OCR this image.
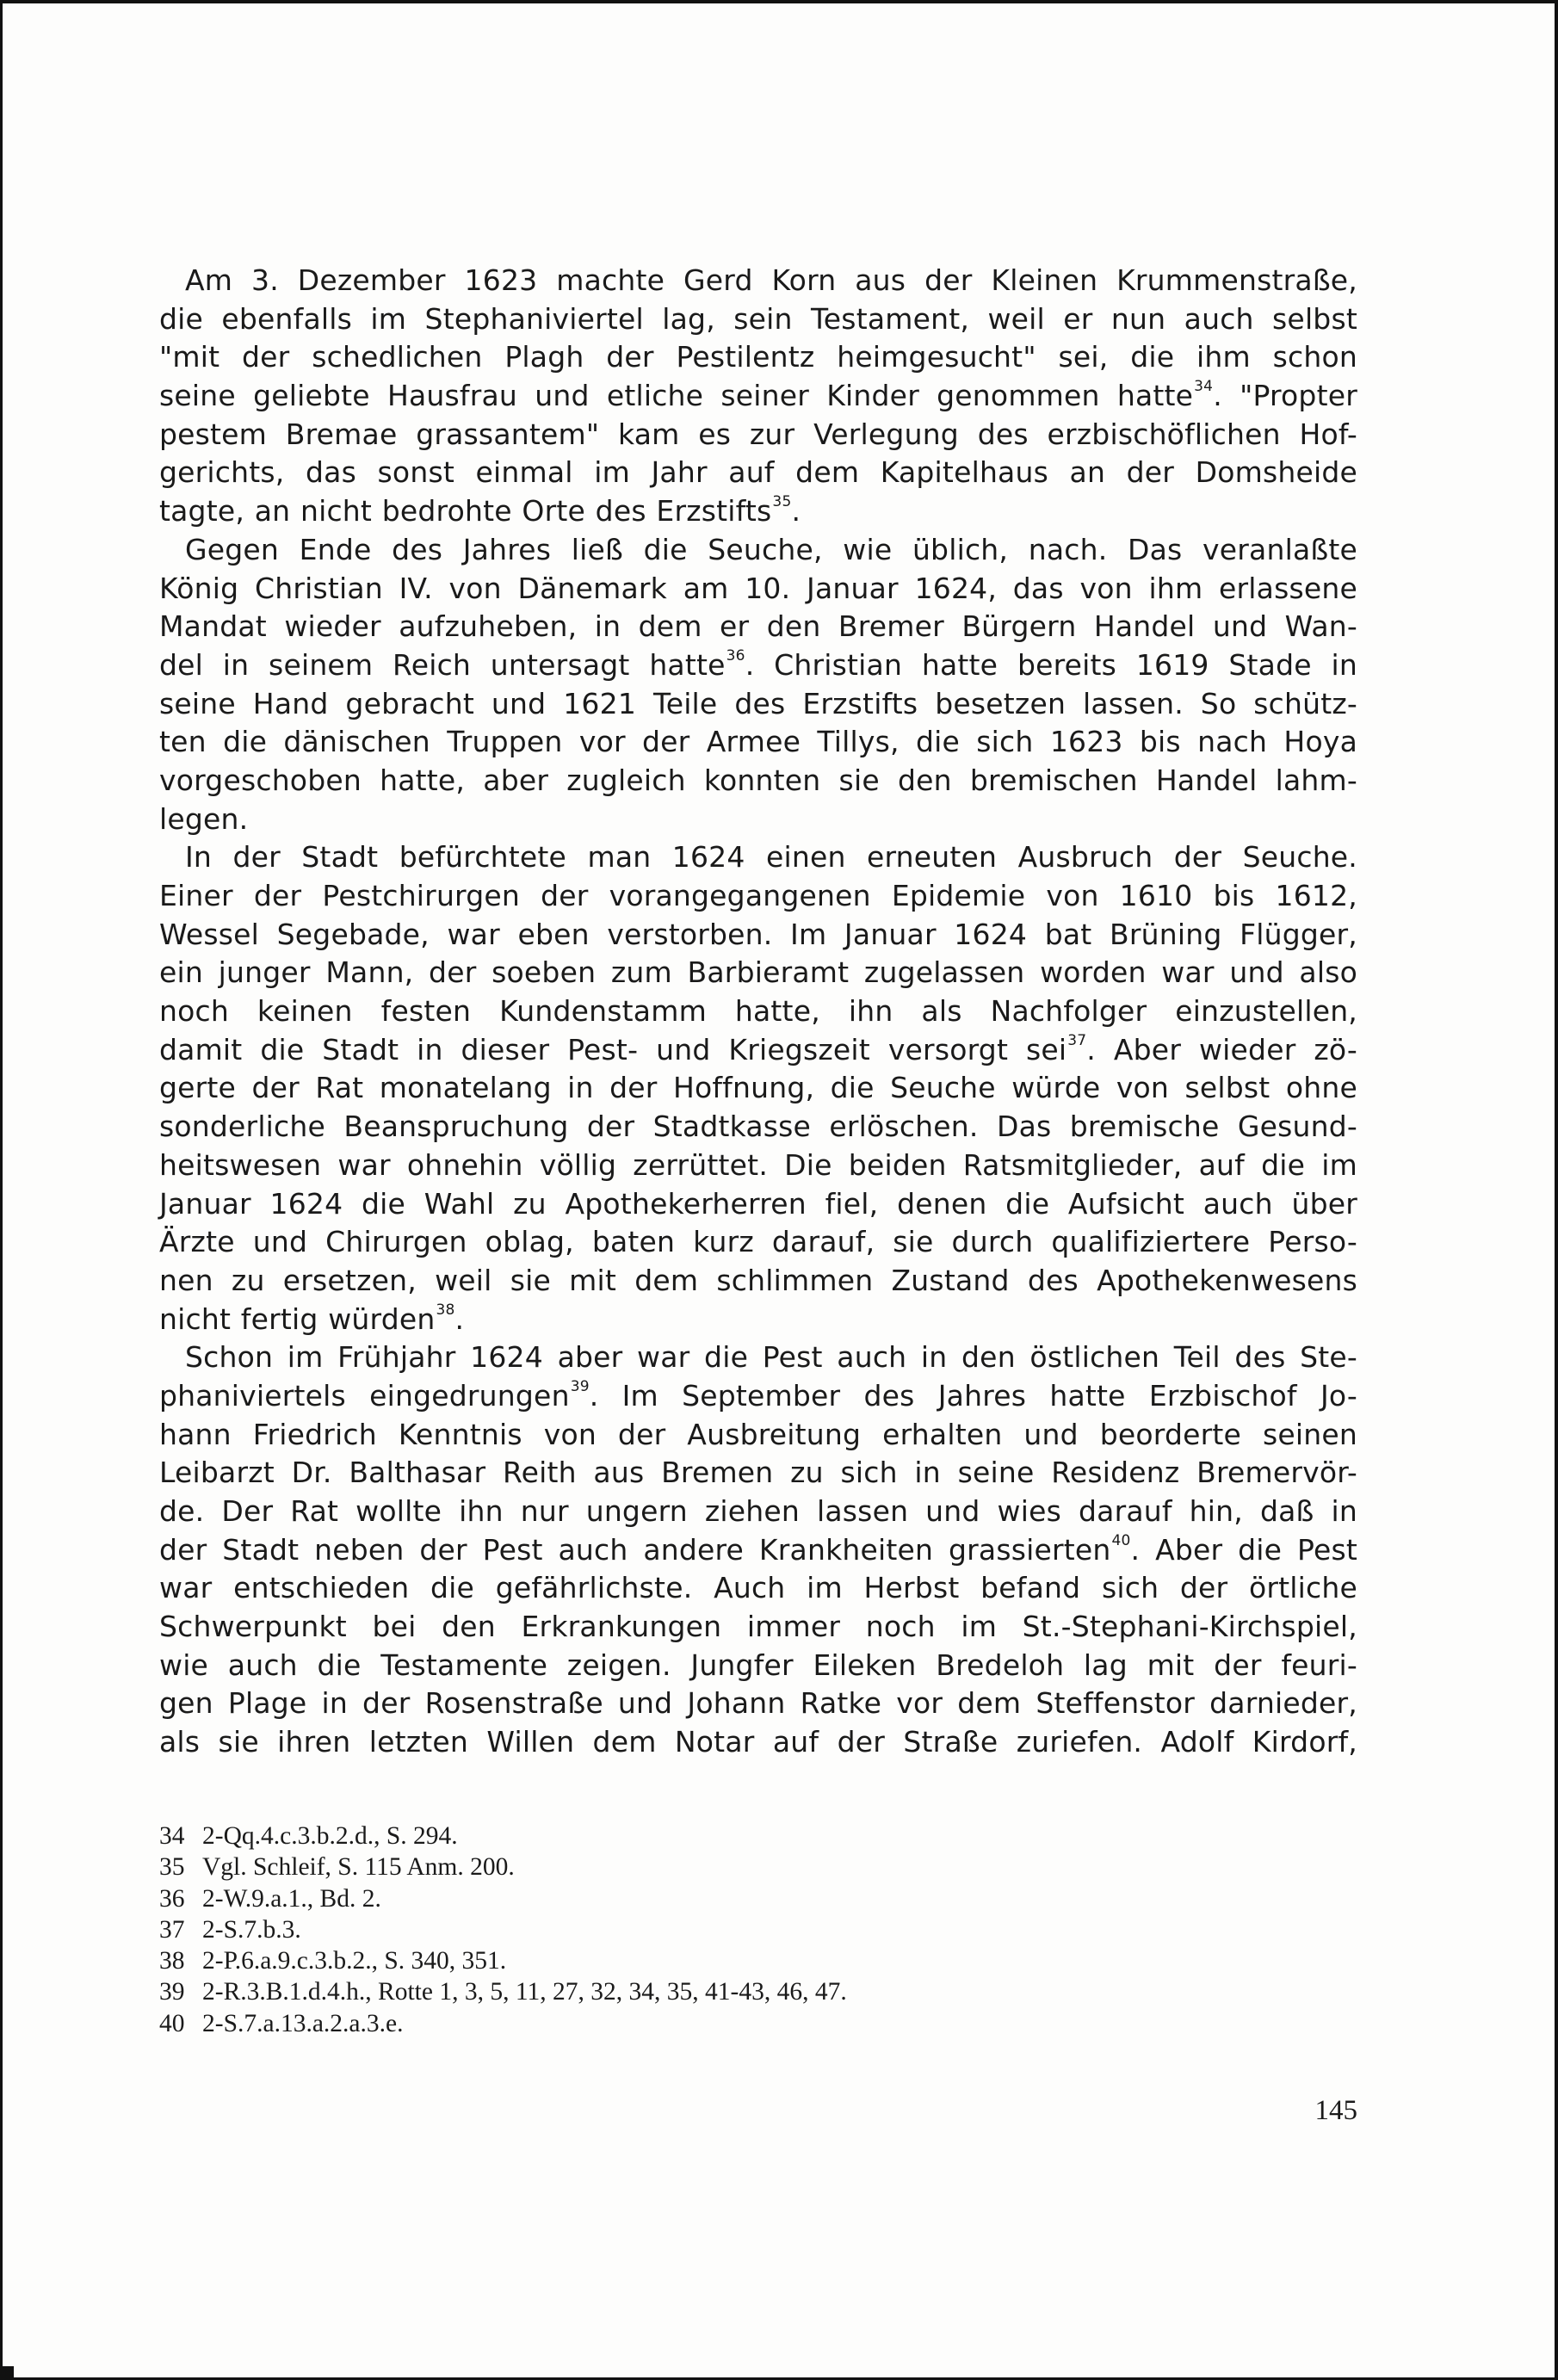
Am 3. Dezember 1623 machte Gerd Korn aus der Kleinen Krummenstraße,
die ebenfalls im Stephaniviertel lag, sein Testament, weil er nun auch selbst
"mit der schedlichen Plagh der Pestilentz heimgesucht" sei, die ihm schon
seine geliebte Hausfrau und etliche seiner Kinder genommen hatte$^{34}$. "Propter
pestem Bremae grassantem" kam es zur Verlegung des erzbischöflichen Hof-
gerichts, das sonst einmal im Jahr auf dem Kapitelhaus an der Domsheide
tagte, an nicht bedrohte Orte des Erzstifts$^{35}$.
Gegen Ende des Jahres ließ die Seuche, wie üblich, nach. Das veranlaßte
König Christian IV. von Dänemark am 10. Januar 1624, das von ihm erlassene
Mandat wieder aufzuheben, in dem er den Bremer Bürgern Handel und Wan-
del in seinem Reich untersagt hatte$^{36}$. Christian hatte bereits 1619 Stade in
seine Hand gebracht und 1621 Teile des Erzstifts besetzen lassen. So schütz-
ten die dänischen Truppen vor der Armee Tillys, die sich 1623 bis nach Hoya
vorgeschoben hatte, aber zugleich konnten sie den bremischen Handel lahm-
legen.
In der Stadt befürchtete man 1624 einen erneuten Ausbruch der Seuche.
Einer der Pestchirurgen der vorangegangenen Epidemie von 1610 bis 1612,
Wessel Segebade, war eben verstorben. Im Januar 1624 bat Brüning Flügger,
ein junger Mann, der soeben zum Barbieramt zugelassen worden war und also
noch keinen festen Kundenstamm hatte, ihn als Nachfolger einzustellen,
damit die Stadt in dieser Pest- und Kriegszeit versorgt sei$^{37}$. Aber wieder zö-
gerte der Rat monatelang in der Hoffnung, die Seuche würde von selbst ohne
sonderliche Beanspruchung der Stadtkasse erlöschen. Das bremische Gesund-
heitswesen war ohnehin völlig zerrüttet. Die beiden Ratsmitglieder, auf die im
Januar 1624 die Wahl zu Apothekerherren fiel, denen die Aufsicht auch über
Ärzte und Chirurgen oblag, baten kurz darauf, sie durch qualifiziertere Perso-
nen zu ersetzen, weil sie mit dem schlimmen Zustand des Apothekenwesens
nicht fertig würden$^{38}$.
Schon im Frühjahr 1624 aber war die Pest auch in den östlichen Teil des Ste-
phaniviertels eingedrungen$^{39}$. Im September des Jahres hatte Erzbischof Jo-
hann Friedrich Kenntnis von der Ausbreitung erhalten und beorderte seinen
Leibarzt Dr. Balthasar Reith aus Bremen zu sich in seine Residenz Bremervör-
de. Der Rat wollte ihn nur ungern ziehen lassen und wies darauf hin, daß in
der Stadt neben der Pest auch andere Krankheiten grassierten$^{40}$. Aber die Pest
war entschieden die gefährlichste. Auch im Herbst befand sich der örtliche
Schwerpunkt bei den Erkrankungen immer noch im St.-Stephani-Kirchspiel,
wie auch die Testamente zeigen. Jungfer Eileken Bredeloh lag mit der feuri-
gen Plage in der Rosenstraße und Johann Ratke vor dem Steffenstor darnieder,
als sie ihren letzten Willen dem Notar auf der Straße zuriefen. Adolf Kirdorf,
34 2-Qq.4.c.3.b.2.d., S. 294.
35 Vgl. Schleif, S. 115 Anm. 200.
36 2-W.9.a.1., Bd. 2.
37 2-S.7.b.3.
38 2-P.6.a.9.c.3.b.2., S. 340, 351.
39 2-R.3.B.1.d.4.h., Rotte 1, 3, 5, 11, 27, 32, 34, 35, 41-43, 46, 47.
40 2-S.7.a.13.a.2.a.3.e.
145
